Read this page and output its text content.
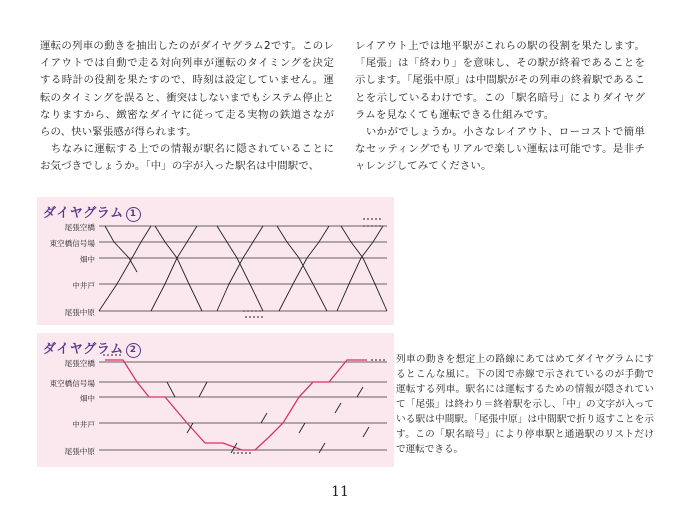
運転の列車の動きを抽出したのがダイヤグラム2です。このレイアウトでは自動で走る対向列車が運転のタイミングを決定する時計の役割を果たすので、時刻は設定していません。運転のタイミングを誤ると、衝突はしないまでもシステム停止となりますから、緻密なダイヤに従って走る実物の鉄道さながらの、快い緊張感が得られます。
　ちなみに運転する上での情報が駅名に隠されていることにお気づきでしょうか。「中」の字が入った駅名は中間駅で、
レイアウト上では地平駅がこれらの駅の役割を果たします。「尾張」は「終わり」を意味し、その駅が終着であることを示します。「尾張中原」は中間駅がその列車の終着駅であることを示しているわけです。この「駅名暗号」によりダイヤグラムを見なくても運転できる仕組みです。
　いかがでしょうか。小さなレイアウト、ローコストで簡単なセッティングでもリアルで楽しい運転は可能です。是非チャレンジしてみてください。
ダイヤグラム 1
尾張空橋
東空橋信号場
畑中
中井戸
尾張中原
ダイヤグラム 2
尾張空橋
東空橋信号場
畑中
中井戸
尾張中原
列車の動きを想定上の路線にあてはめてダイヤグラムにするとこんな風に。下の図で赤線で示されているのが手動で運転する列車。駅名には運転するための情報が隠されていて「尾張」は終わり＝終着駅を示し、「中」の文字が入っている駅は中間駅。「尾張中原」は中間駅で折り返すことを示す。この「駅名暗号」により停車駅と通過駅のリストだけで運転できる。
11
